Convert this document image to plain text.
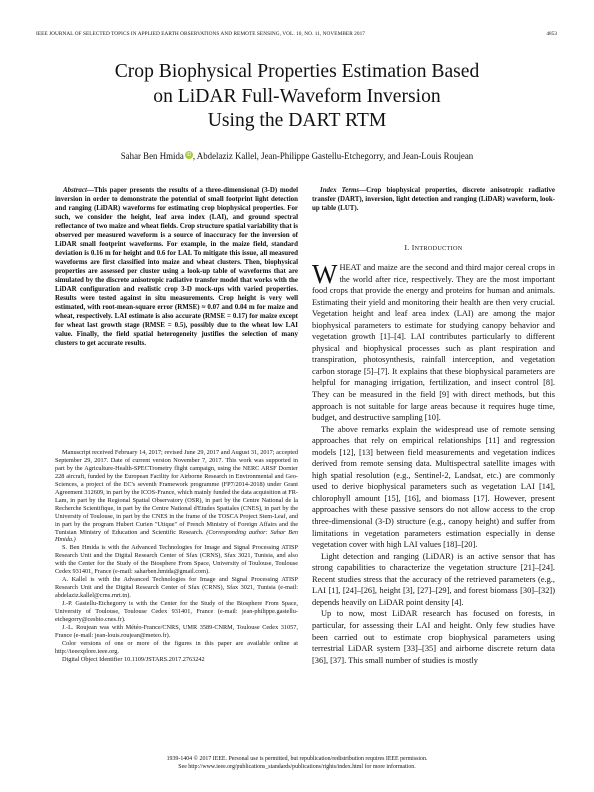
IEEE JOURNAL OF SELECTED TOPICS IN APPLIED EARTH OBSERVATIONS AND REMOTE SENSING, VOL. 10, NO. 11, NOVEMBER 2017	4853
Crop Biophysical Properties Estimation Based
on LiDAR Full-Waveform Inversion
Using the DART RTM
Sahar Ben Hmida iD , Abdelaziz Kallel, Jean-Philippe Gastellu-Etchegorry, and Jean-Louis Roujean
Abstract—This paper presents the results of a three-dimensional (3-D) model inversion in order to demonstrate the potential of small footprint light detection and ranging (LiDAR) waveforms for estimating crop biophysical properties. For such, we consider the height, leaf area index (LAI), and ground spectral reflectance of two maize and wheat fields. Crop structure spatial variability that is observed per measured waveform is a source of inaccuracy for the inversion of LiDAR small footprint waveforms. For example, in the maize field, standard deviation is 0.16 m for height and 0.6 for LAI. To mitigate this issue, all measured waveforms are first classified into maize and wheat clusters. Then, biophysical properties are assessed per cluster using a look-up table of waveforms that are simulated by the discrete anisotropic radiative transfer model that works with the LiDAR configuration and realistic crop 3-D mock-ups with varied properties. Results were tested against in situ measurements. Crop height is very well estimated, with root-mean-square error (RMSE) ≈ 0.07 and 0.04 m for maize and wheat, respectively. LAI estimate is also accurate (RMSE = 0.17) for maize except for wheat last growth stage (RMSE = 0.5), possibly due to the wheat low LAI value. Finally, the field spatial heterogeneity justifies the selection of many clusters to get accurate results.
Index Terms—Crop biophysical properties, discrete anisotropic radiative transfer (DART), inversion, light detection and ranging (LiDAR) waveform, look-up table (LUT).
I. INTRODUCTION

WHEAT and maize are the second and third major cereal crops in the world after rice, respectively. They are the most important food crops that provide the energy and proteins for human and animals. Estimating their yield and monitoring their health are then very crucial. Vegetation height and leaf area index (LAI) are among the major biophysical parameters to estimate for studying canopy behavior and vegetation growth [1]–[4]. LAI contributes particularly to different physical and biophysical processes such as plant respiration and transpiration, photosynthesis, rainfall interception, and vegetation carbon storage [5]–[7]. It explains that these biophysical parameters are helpful for managing irrigation, fertilization, and insect control [8]. They can be measured in the field [9] with direct methods, but this approach is not suitable for large areas because it requires huge time, budget, and destructive sampling [10].

The above remarks explain the widespread use of remote sensing approaches that rely on empirical relationships [11] and regression models [12], [13] between field measurements and vegetation indices derived from remote sensing data. Multispectral satellite images with high spatial resolution (e.g., Sentinel-2, Landsat, etc.) are commonly used to derive biophysical parameters such as vegetation LAI [14], chlorophyll amount [15], [16], and biomass [17]. However, present approaches with these passive sensors do not allow access to the crop three-dimensional (3-D) structure (e.g., canopy height) and suffer from limitations in vegetation parameters estimation especially in dense vegetation cover with high LAI values [18]–[20].

Light detection and ranging (LiDAR) is an active sensor that has strong capabilities to characterize the vegetation structure [21]–[24]. Recent studies stress that the accuracy of the retrieved parameters (e.g., LAI [1], [24]–[26], height [3], [27]–[29], and forest biomass [30]–[32]) depends heavily on LiDAR point density [4].

Up to now, most LiDAR research has focused on forests, in particular, for assessing their LAI and height. Only few studies have been carried out to estimate crop biophysical parameters using terrestrial LiDAR system [33]–[35] and airborne discrete return data [36], [37]. This small number of studies is mostly

Manuscript received February 14, 2017; revised June 29, 2017 and August 31, 2017; accepted September 29, 2017. Date of current version November 7, 2017. This work was supported in part by the Agriculture-Health-SPECTrometry flight campaign, using the NERC ARSF Dornier 228 aircraft, funded by the European Facility for Airborne Research in Environmental and Geo-Sciences, a project of the EC's seventh Framework programme (FP7/2014-2018) under Grant Agreement 312609, in part by the ICOS-France, which mainly funded the data acquisition at FR-Lam, in part by the Regional Spatial Observatory (OSR), in part by the Centre National de la Recherche Scientifique, in part by the Centre National d'Etudes Spatiales (CNES), in part by the University of Toulouse, in part by the CNES in the frame of the TOSCA Project Stem-Leaf, and in part by the program Hubert Curien "Utique" of French Ministry of Foreign Affairs and the Tunisian Ministry of Education and Scientific Research. (Corresponding author: Sahar Ben Hmida.)

S. Ben Hmida is with the Advanced Technologies for Image and Signal Processing ATISP Research Unit and the Digital Research Center of Sfax (CRNS), Sfax 3021, Tunisia, and also with the Center for the Study of the Biosphere From Space, University of Toulouse, Toulouse Cedex 931401, France (e-mail: saharben.hmida@gmail.com).

A. Kallel is with the Advanced Technologies for Image and Signal Processing ATISP Research Unit and the Digital Research Center of Sfax (CRNS), Sfax 3021, Tunisia (e-mail: abdelaziz.kallel@crns.rnrt.tn).

J.-P. Gastellu-Etchegorry is with the Center for the Study of the Biosphere From Space, University of Toulouse, Toulouse Cedex 931401, France (e-mail: jean-philippe.gastellu-etchegorry@cesbio.cnes.fr).

J.-L. Roujean was with Météo-France/CNRS, UMR 3589-CNRM, Toulouse Cedex 31057, France (e-mail: jean-louis.roujean@meteo.fr).

Color versions of one or more of the figures in this paper are available online at http://ieeexplore.ieee.org.

Digital Object Identifier 10.1109/JSTARS.2017.2763242

1939-1404 © 2017 IEEE. Personal use is permitted, but republication/redistribution requires IEEE permission.
See http://www.ieee.org/publications_standards/publications/rights/index.html for more information.
